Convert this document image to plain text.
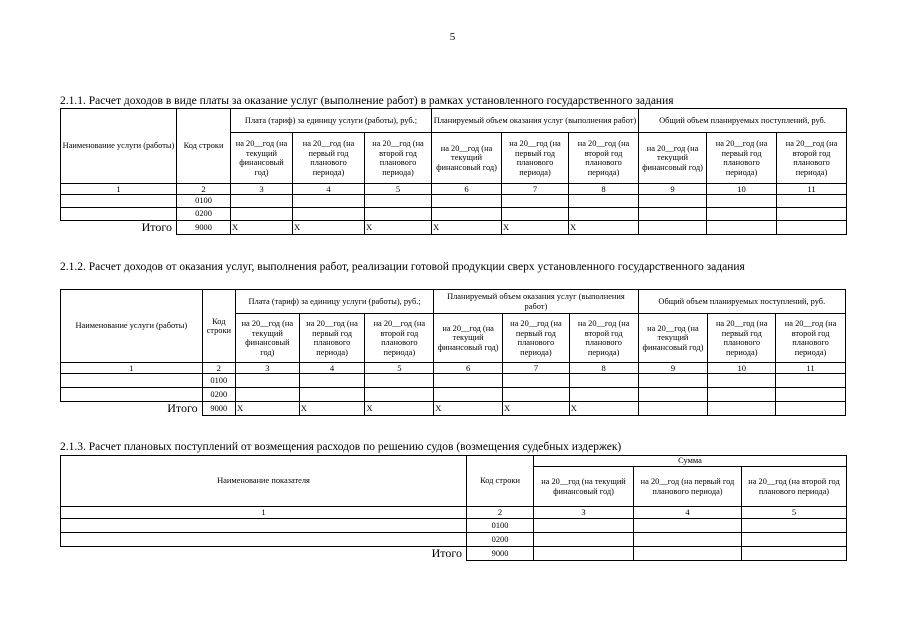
5
2.1.1. Расчет доходов в виде платы за оказание услуг (выполнение работ) в рамках установленного государственного задания
Наименование услуги (работы)	Код строки	Плата (тариф) за единицу услуги (работы), руб.;			Планируемый объем оказания услуг (выполнения работ)			Общий объем планируемых поступлений, руб.		
		на 20__год (на текущий финансовый год)	на 20__год (на первый год планового периода)	на 20__год (на второй год планового периода)	на 20__год (на текущий финансовый год)	на 20__год (на первый год планового периода)	на 20__год (на второй год планового периода)	на 20__год (на текущий финансовый год)	на 20__год (на первый год планового периода)	на 20__год (на второй год планового периода)
1	2	3	4	5	6	7	8	9	10	11
	0100									
	0200									
Итого	9000	X	X	X	X	X	X			
2.1.2. Расчет доходов от оказания услуг, выполнения работ, реализации готовой продукции сверх установленного государственного задания
Наименование услуги (работы)	Код строки	Плата (тариф) за единицу услуги (работы), руб.;			Планируемый объем оказания услуг (выполнения работ)			Общий объем планируемых поступлений, руб.		
		на 20__год (на текущий финансовый год)	на 20__год (на первый год планового периода)	на 20__год (на второй год планового периода)	на 20__год (на текущий финансовый год)	на 20__год (на первый год планового периода)	на 20__год (на второй год планового периода)	на 20__год (на текущий финансовый год)	на 20__год (на первый год планового периода)	на 20__год (на второй год планового периода)
1	2	3	4	5	6	7	8	9	10	11
	0100									
	0200									
Итого	9000	X	X	X	X	X	X			
2.1.3. Расчет плановых поступлений от возмещения расходов по решению судов (возмещения судебных издержек)
Наименование показателя	Код строки	Сумма		
		на 20__год (на текущий финансовый год)	на 20__год (на первый год планового периода)	на 20__год (на второй год планового периода)
1	2	3	4	5
	0100			
	0200			
Итого	9000			
